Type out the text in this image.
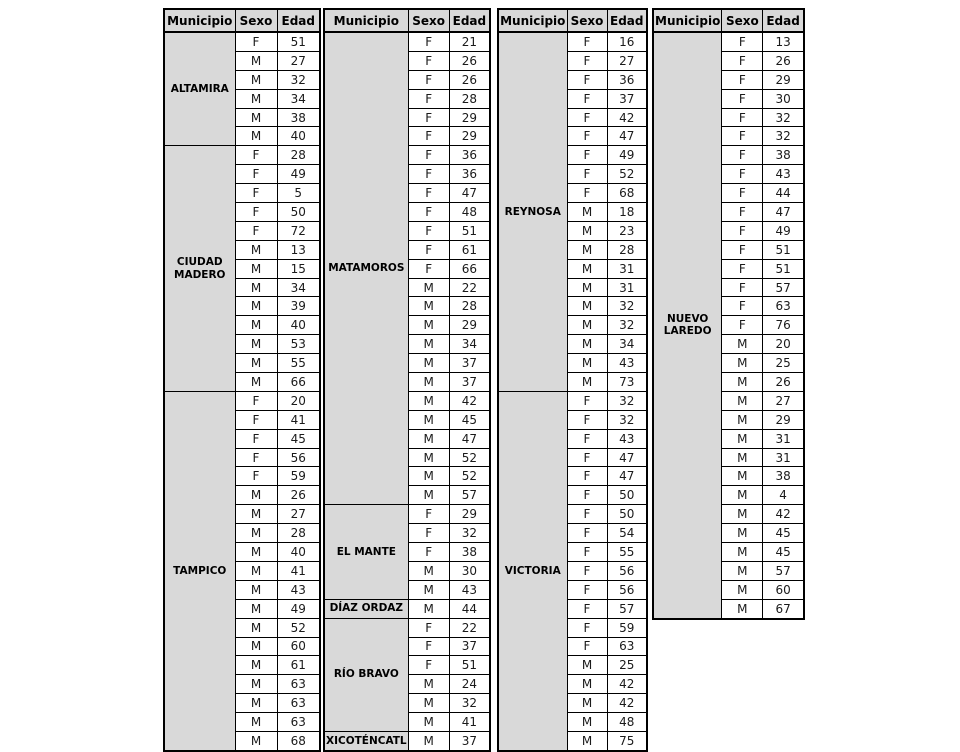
Municipio	Sexo	Edad
ALTAMIRA	F	51
	M	27
	M	32
	M	34
	M	38
	M	40
CIUDAD MADERO	F	28
	F	49
	F	5
	F	50
	F	72
	M	13
	M	15
	M	34
	M	39
	M	40
	M	53
	M	55
	M	66
TAMPICO	F	20
	F	41
	F	45
	F	56
	F	59
	M	26
	M	27
	M	28
	M	40
	M	41
	M	43
	M	49
	M	52
	M	60
	M	61
	M	63
	M	63
	M	63
	M	68
Municipio	Sexo	Edad
MATAMOROS	F	21
	F	26
	F	26
	F	28
	F	29
	F	29
	F	36
	F	36
	F	47
	F	48
	F	51
	F	61
	F	66
	M	22
	M	28
	M	29
	M	34
	M	37
	M	37
	M	42
	M	45
	M	47
	M	52
	M	52
	M	57
EL MANTE	F	29
	F	32
	F	38
	M	30
	M	43
DÍAZ ORDAZ	M	44
RÍO BRAVO	F	22
	F	37
	F	51
	M	24
	M	32
	M	41
XICOTÉNCATL	M	37
Municipio	Sexo	Edad
REYNOSA	F	16
	F	27
	F	36
	F	37
	F	42
	F	47
	F	49
	F	52
	F	68
	M	18
	M	23
	M	28
	M	31
	M	31
	M	32
	M	32
	M	34
	M	43
	M	73
VICTORIA	F	32
	F	32
	F	43
	F	47
	F	47
	F	50
	F	50
	F	54
	F	55
	F	56
	F	56
	F	57
	F	59
	F	63
	M	25
	M	42
	M	42
	M	48
	M	75
Municipio	Sexo	Edad
NUEVO LAREDO	F	13
	F	26
	F	29
	F	30
	F	32
	F	32
	F	38
	F	43
	F	44
	F	47
	F	49
	F	51
	F	51
	F	57
	F	63
	F	76
	M	20
	M	25
	M	26
	M	27
	M	29
	M	31
	M	31
	M	38
	M	4
	M	42
	M	45
	M	45
	M	57
	M	60
	M	67
